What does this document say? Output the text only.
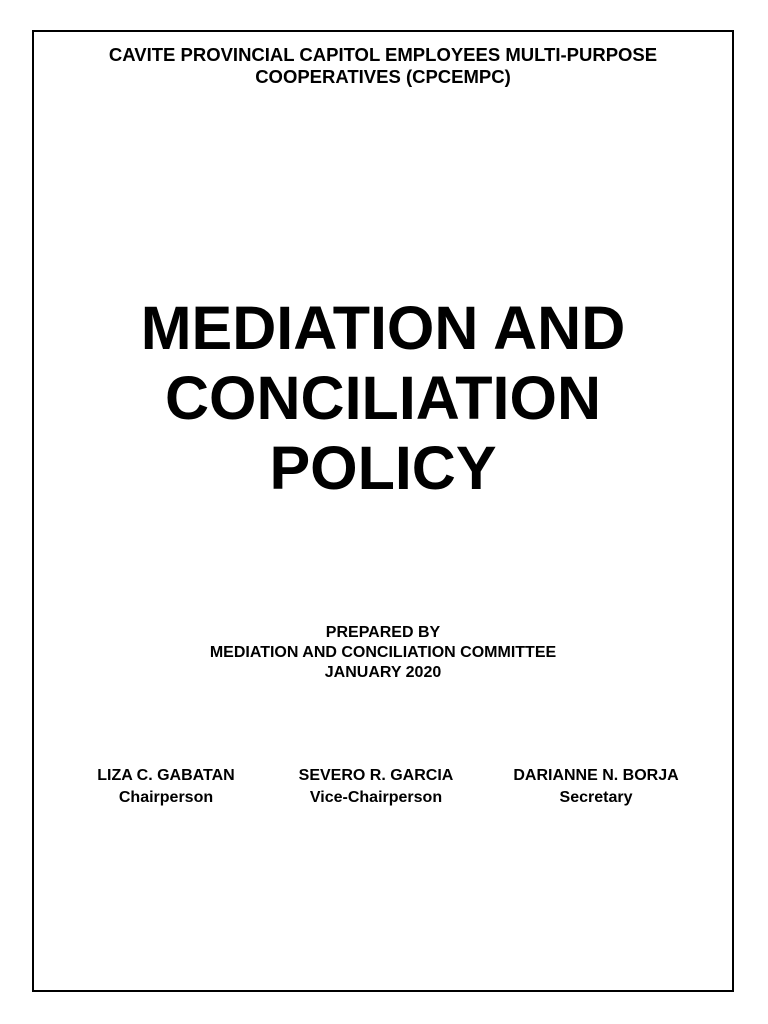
CAVITE PROVINCIAL CAPITOL EMPLOYEES MULTI-PURPOSE
COOPERATIVES (CPCEMPC)
MEDIATION AND
CONCILIATION
POLICY
PREPARED BY
MEDIATION AND CONCILIATION COMMITTEE
JANUARY 2020
LIZA C. GABATAN
Chairperson
SEVERO R. GARCIA
Vice-Chairperson
DARIANNE N. BORJA
Secretary
